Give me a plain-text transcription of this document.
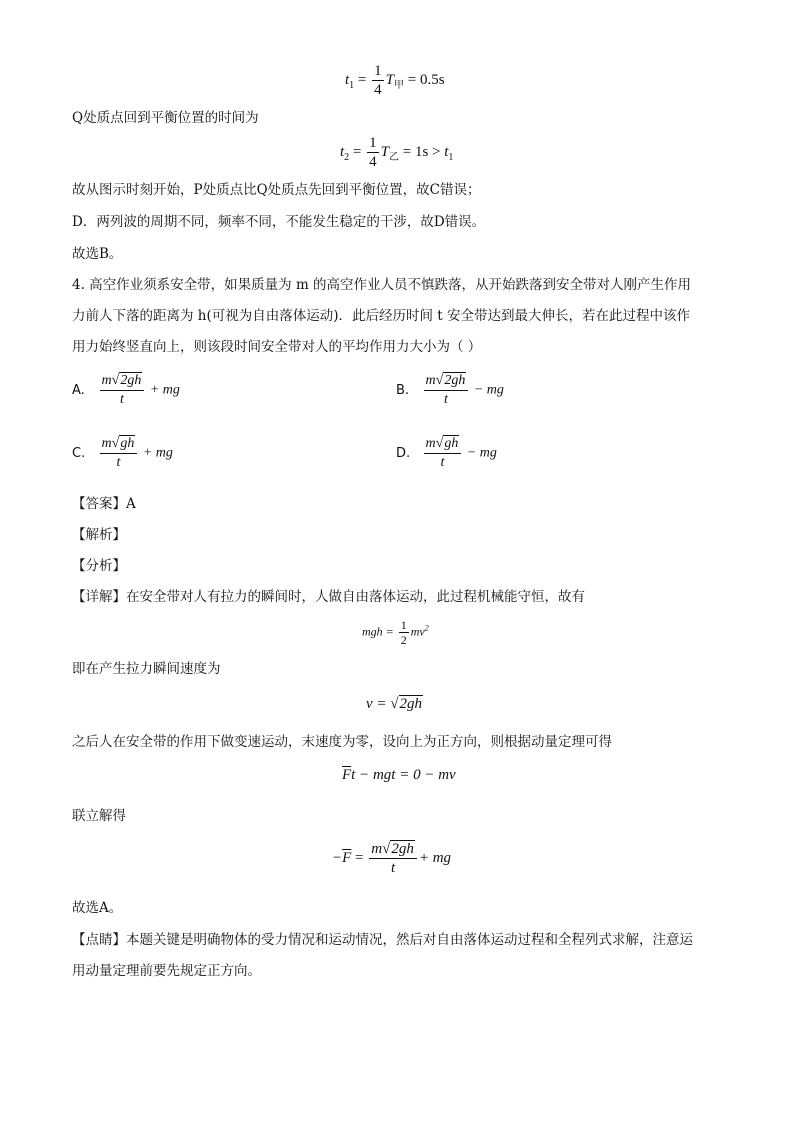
$t_1 = \frac{1}{4} T_甲 = 0.5s$
Q处质点回到平衡位置的时间为
$t_2 = \frac{1}{4} T_乙 = 1s > t_1$
故从图示时刻开始，P处质点比Q处质点先回到平衡位置，故C错误；
D．两列波的周期不同，频率不同，不能发生稳定的干涉，故D错误。
故选B。
4. 高空作业须系安全带，如果质量为 m 的高空作业人员不慎跌落，从开始跌落到安全带对人刚产生作用
力前人下落的距离为 h(可视为自由落体运动)．此后经历时间 t 安全带达到最大伸长，若在此过程中该作
用力始终竖直向上，则该段时间安全带对人的平均作用力大小为（ ）
A. $\frac{m√2gh}{t}$ + mg	B. $\frac{m√2gh}{t}$ − mg
C. $\frac{m√gh}{t}$ + mg	D. $\frac{m√gh}{t}$ − mg
【答案】A
【解析】
【分析】
【详解】在安全带对人有拉力的瞬间时，人做自由落体运动，此过程机械能守恒，故有
mgh = $\frac{1}{2} mv^2$
即在产生拉力瞬间速度为
v = √2gh
之后人在安全带的作用下做变速运动，末速度为零，设向上为正方向，则根据动量定理可得
$\overline{F}t$ − mgt = 0 − mv
联立解得
$-\overline{F} = \frac{m√2gh}{t}$ + mg
故选A。
【点睛】本题关键是明确物体的受力情况和运动情况，然后对自由落体运动过程和全程列式求解，注意运
用动量定理前要先规定正方向。
